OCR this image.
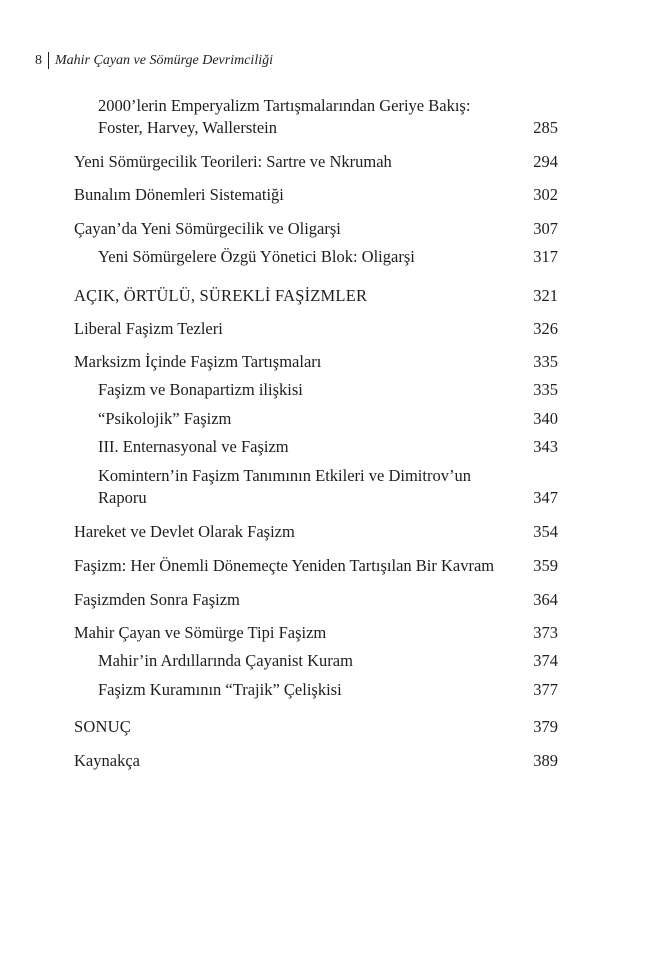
8 Mahir Çayan ve Sömürge Devrimciliği
2000’lerin Emperyalizm Tartışmalarından Geriye Bakış: Foster, Harvey, Wallerstein	285
Yeni Sömürgecilik Teorileri: Sartre ve Nkrumah	294
Bunalım Dönemleri Sistematiği	302
Çayan’da Yeni Sömürgecilik ve Oligarşi	307
Yeni Sömürgelere Özgü Yönetici Blok: Oligarşi	317
AÇIK, ÖRTÜLÜ, SÜREKLİ FAŞİZMLER	321
Liberal Faşizm Tezleri	326
Marksizm İçinde Faşizm Tartışmaları	335
Faşizm ve Bonapartizm ilişkisi	335
“Psikolojik” Faşizm	340
III. Enternasyonal ve Faşizm	343
Komintern’in Faşizm Tanımının Etkileri ve Dimitrov’un Raporu	347
Hareket ve Devlet Olarak Faşizm	354
Faşizm: Her Önemli Dönemeçte Yeniden Tartışılan Bir Kavram	359
Faşizmden Sonra Faşizm	364
Mahir Çayan ve Sömürge Tipi Faşizm	373
Mahir’in Ardıllarında Çayanist Kuram	374
Faşizm Kuramının “Trajik” Çelişkisi	377
SONUÇ	379
Kaynakça	389
